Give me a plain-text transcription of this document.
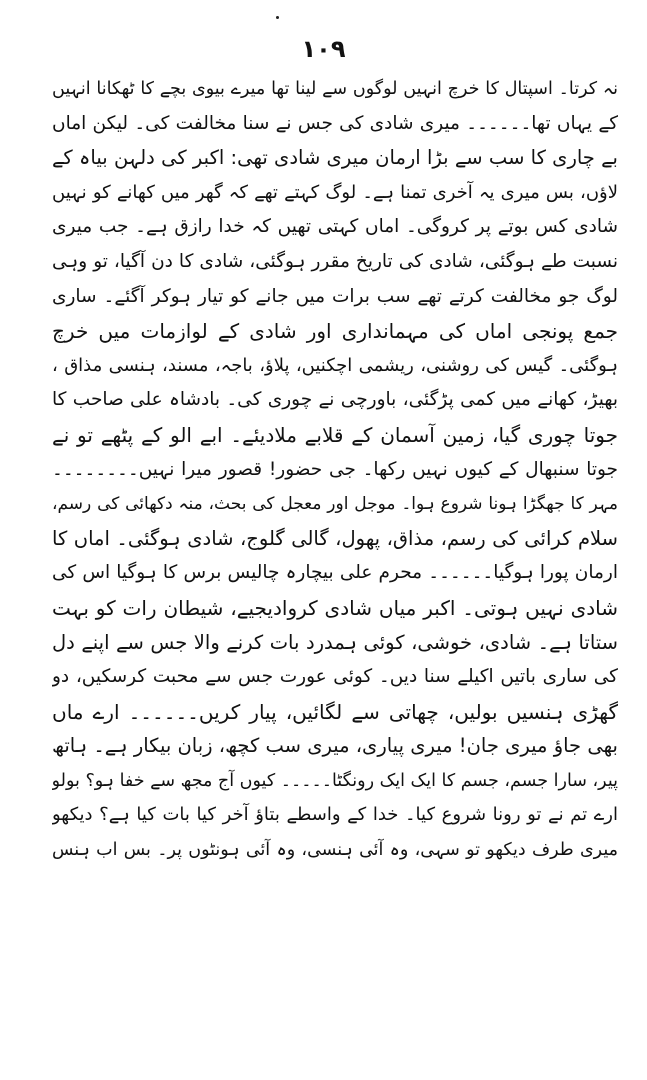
۱۰۹
نہ کرتا۔ اسپتال کا خرچ انہیں لوگوں سے لینا تھا میرے بیوی بچے کا ٹھکانا انہیں
کے یہاں تھا۔۔۔۔۔۔ میری شادی کی جس نے سنا مخالفت کی۔ لیکن اماں
بے چاری کا سب سے بڑا ارمان میری شادی تھی: اکبر کی دلہن بیاہ کے
لاؤں، بس میری یہ آخری تمنا ہے۔ لوگ کہتے تھے کہ گھر میں کھانے کو نہیں
شادی کس بوتے پر کروگی۔ اماں کہتی تھیں کہ خدا رازق ہے۔ جب میری
نسبت طے ہوگئی، شادی کی تاریخ مقرر ہوگئی، شادی کا دن آگیا، تو وہی
لوگ جو مخالفت کرتے تھے سب برات میں جانے کو تیار ہوکر آگئے۔ ساری
جمع پونجی اماں کی مہمانداری اور شادی کے لوازمات میں خرچ
ہوگئی۔ گیس کی روشنی، ریشمی اچکنیں، پلاؤ، باجہ، مسند، ہنسی مذاق ،
بھیڑ، کھانے میں کمی پڑگئی، باورچی نے چوری کی۔ بادشاہ علی صاحب کا
جوتا چوری گیا، زمین آسمان کے قلابے ملادیئے۔ ابے الو کے پٹھے تو نے
جوتا سنبھال کے کیوں نہیں رکھا۔ جی حضور! قصور میرا نہیں۔۔۔۔۔۔۔۔
مہر کا جھگڑا ہونا شروع ہوا۔ موجل اور معجل کی بحث، منہ دکھائی کی رسم،
سلام کرائی کی رسم، مذاق، پھول، گالی گلوج، شادی ہوگئی۔ اماں کا
ارمان پورا ہوگیا۔۔۔۔۔۔ محرم علی بیچارہ چالیس برس کا ہوگیا اس کی
شادی نہیں ہوتی۔ اکبر میاں شادی کروادیجیے، شیطان رات کو بہت
ستاتا ہے۔ شادی، خوشی، کوئی ہمدرد بات کرنے والا جس سے اپنے دل
کی ساری باتیں اکیلے سنا دیں۔ کوئی عورت جس سے محبت کرسکیں، دو
گھڑی ہنسیں بولیں، چھاتی سے لگائیں، پیار کریں۔۔۔۔۔۔ ارے ماں
بھی جاؤ میری جان! میری پیاری، میری سب کچھ، زبان بیکار ہے۔ ہاتھ
پیر، سارا جسم، جسم کا ایک ایک رونگٹا۔۔۔۔۔ کیوں آج مجھ سے خفا ہو؟ بولو
ارے تم نے تو رونا شروع کیا۔ خدا کے واسطے بتاؤ آخر کیا بات کیا ہے؟ دیکھو
میری طرف دیکھو تو سہی، وہ آئی ہنسی، وہ آئی ہونٹوں پر۔ بس اب ہنس
